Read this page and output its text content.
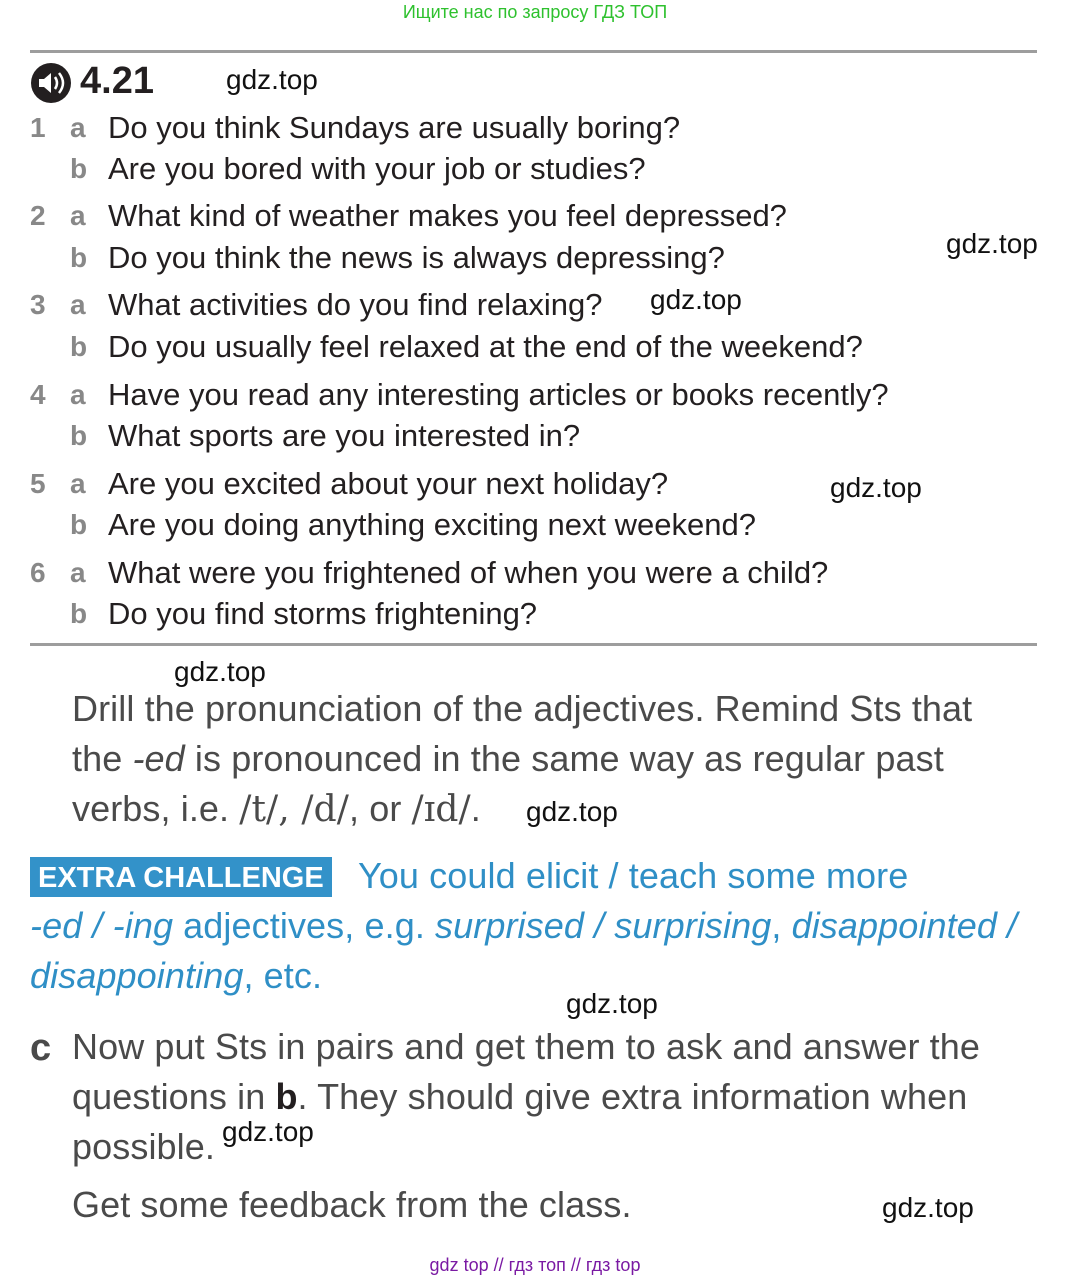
Ищите нас по запросу ГДЗ ТОП
4.21	gdz.top
1 a Do you think Sundays are usually boring?
b Are you bored with your job or studies?
2 a What kind of weather makes you feel depressed?
b Do you think the news is always depressing?
3 a What activities do you find relaxing?
b Do you usually feel relaxed at the end of the weekend?
4 a Have you read any interesting articles or books recently?
b What sports are you interested in?
5 a Are you excited about your next holiday?
b Are you doing anything exciting next weekend?
6 a What were you frightened of when you were a child?
b Do you find storms frightening?
gdz.top
gdz.top
gdz.top
gdz.top
Drill the pronunciation of the adjectives. Remind Sts that
the -ed is pronounced in the same way as regular past
verbs, i.e. /t/, /d/, or /ɪd/. gdz.top
EXTRA CHALLENGE You could elicit / teach some more
-ed / -ing adjectives, e.g. surprised / surprising, disappointed /
disappointing, etc.
gdz.top
c Now put Sts in pairs and get them to ask and answer the
questions in b. They should give extra information when
possible. gdz.top
Get some feedback from the class.	gdz.top
gdz top // гдз топ // гдз top
